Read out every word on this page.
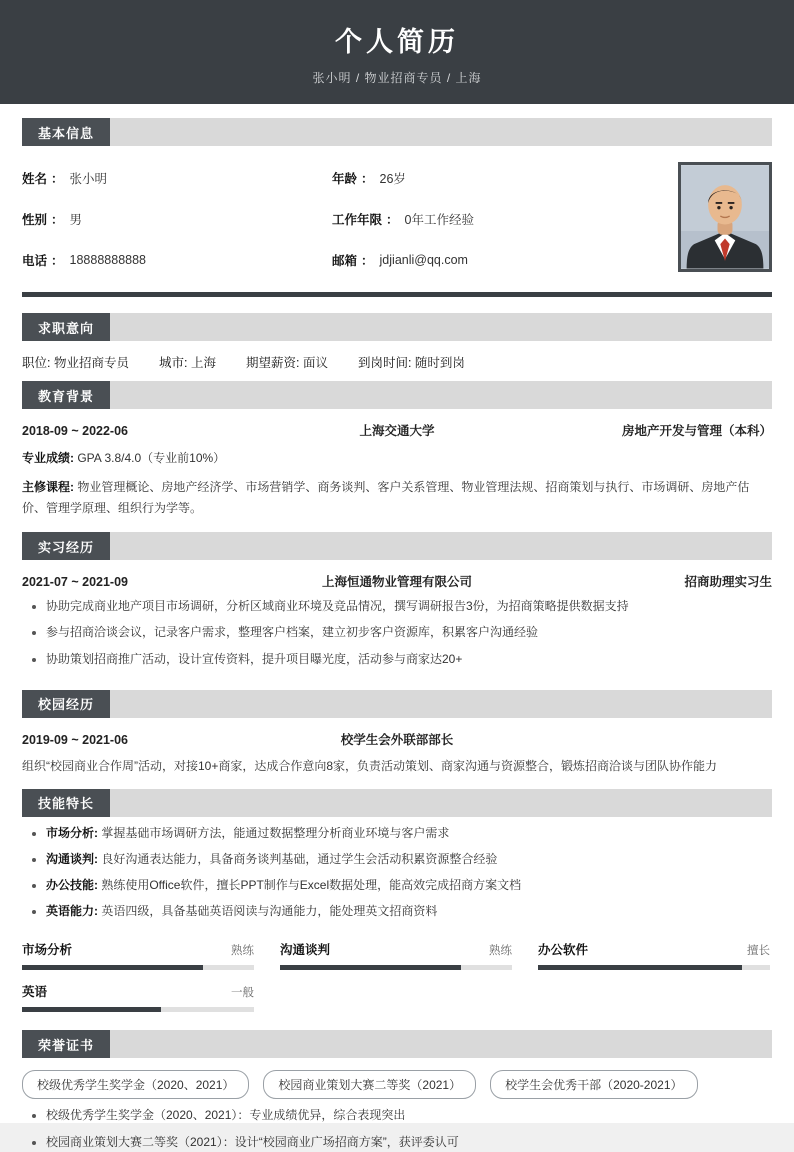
个人简历
张小明 / 物业招商专员 / 上海
基本信息
姓名 ： 张小明	年龄 ： 26岁
性别 ： 男	工作年限 ： 0年工作经验
电话 ： 18888888888	邮箱 ： jdjianli@qq.com
求职意向
职位: 物业招商专员 城市: 上海 期望薪资: 面议 到岗时间: 随时到岗
教育背景
2018-09 ~ 2022-06	上海交通大学	房地产开发与管理（本科）
专业成绩: GPA 3.8/4.0（专业前10%）
主修课程: 物业管理概论、房地产经济学、市场营销学、商务谈判、客户关系管理、物业管理法规、招商策划与执行、市场调研、房地产估价、管理学原理、组织行为学等。
实习经历
2021-07 ~ 2021-09	上海恒通物业管理有限公司	招商助理实习生
• 协助完成商业地产项目市场调研，分析区域商业环境及竞品情况，撰写调研报告3份，为招商策略提供数据支持
• 参与招商洽谈会议，记录客户需求，整理客户档案，建立初步客户资源库，积累客户沟通经验
• 协助策划招商推广活动，设计宣传资料，提升项目曝光度，活动参与商家达20+
校园经历
2019-09 ~ 2021-06	校学生会外联部部长
组织“校园商业合作周”活动，对接10+商家，达成合作意向8家，负责活动策划、商家沟通与资源整合，锻炼招商洽谈与团队协作能力
技能特长
• 市场分析: 掌握基础市场调研方法，能通过数据整理分析商业环境与客户需求
• 沟通谈判: 良好沟通表达能力，具备商务谈判基础，通过学生会活动积累资源整合经验
• 办公技能: 熟练使用Office软件，擅长PPT制作与Excel数据处理，能高效完成招商方案文档
• 英语能力: 英语四级，具备基础英语阅读与沟通能力，能处理英文招商资料
市场分析	熟练 沟通谈判	熟练 办公软件	擅长
英语	一般
荣誉证书
校级优秀学生奖学金（2020、2021）	校园商业策划大赛二等奖（2021）	校学生会优秀干部（2020-2021）
• 校级优秀学生奖学金（2020、2021）：专业成绩优异，综合表现突出
• 校园商业策划大赛二等奖（2021）：设计“校园商业广场招商方案”，获评委认可
